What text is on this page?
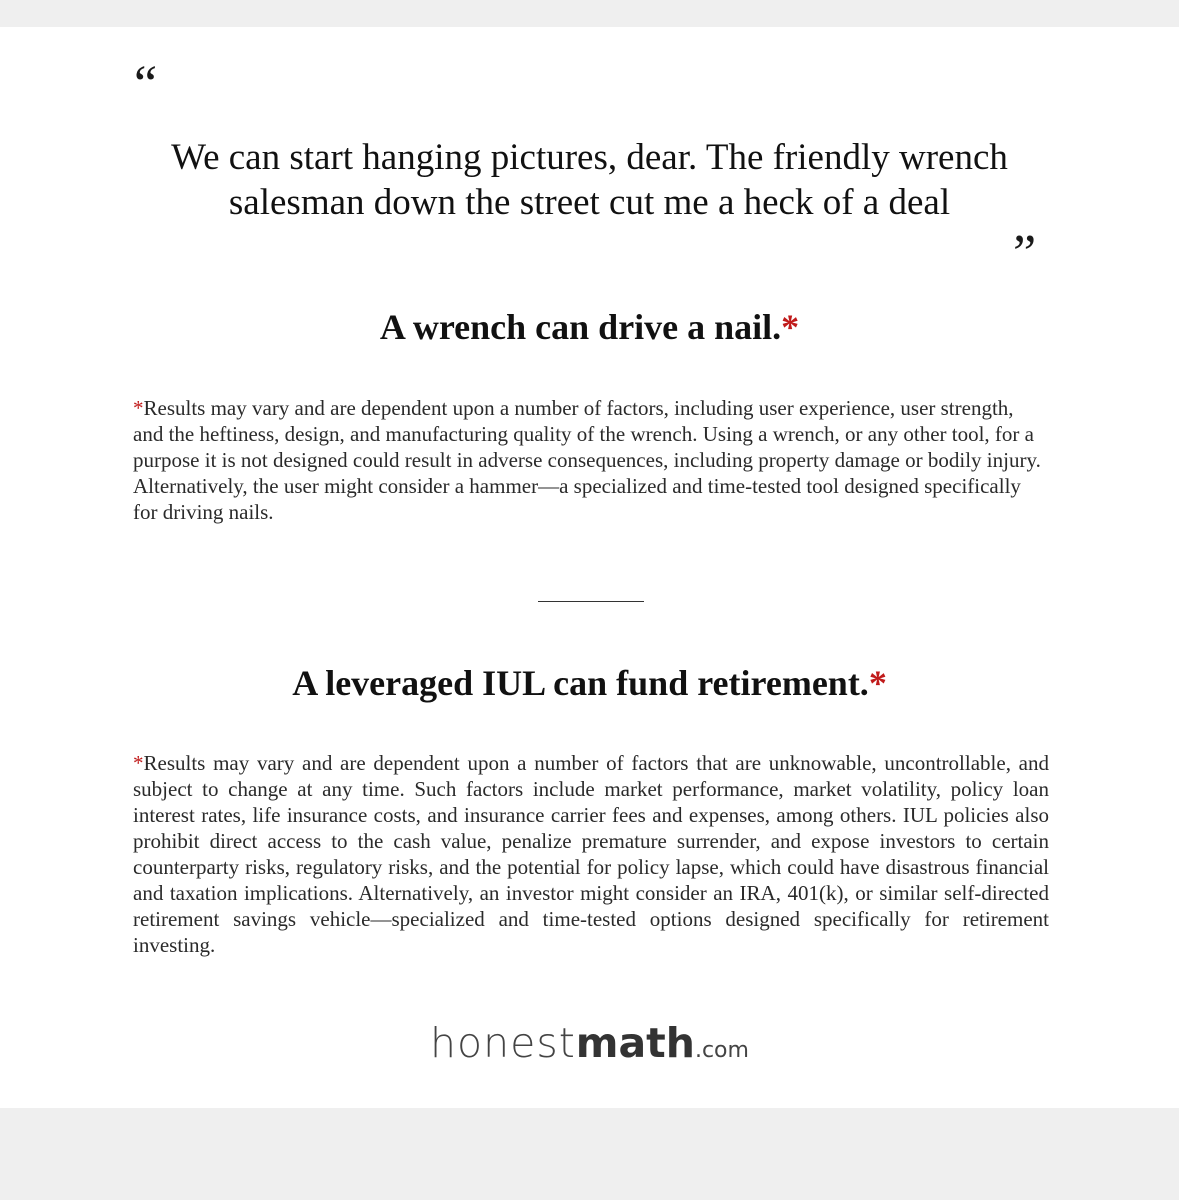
“
We can start hanging pictures, dear. The friendly wrench
salesman down the street cut me a heck of a deal
”
A wrench can drive a nail.*

*Results may vary and are dependent upon a number of factors, including user experience, user strength, and the heftiness, design, and manufacturing quality of the wrench. Using a wrench, or any other tool, for a purpose it is not designed could result in adverse consequences, including property damage or bodily injury. Alternatively, the user might consider a hammer—a specialized and time-tested tool designed specifically for driving nails.

A leveraged IUL can fund retirement.*

*Results may vary and are dependent upon a number of factors that are unknowable, uncontrollable, and subject to change at any time. Such factors include market performance, market volatility, policy loan interest rates, life insurance costs, and insurance carrier fees and expenses, among others. IUL policies also prohibit direct access to the cash value, penalize premature surrender, and expose investors to certain counterparty risks, regulatory risks, and the potential for policy lapse, which could have disastrous financial and taxation implications. Alternatively, an investor might consider an IRA, 401(k), or similar self-directed retirement savings vehicle—specialized and time-tested options designed specifically for retirement investing.

honestmath.com
